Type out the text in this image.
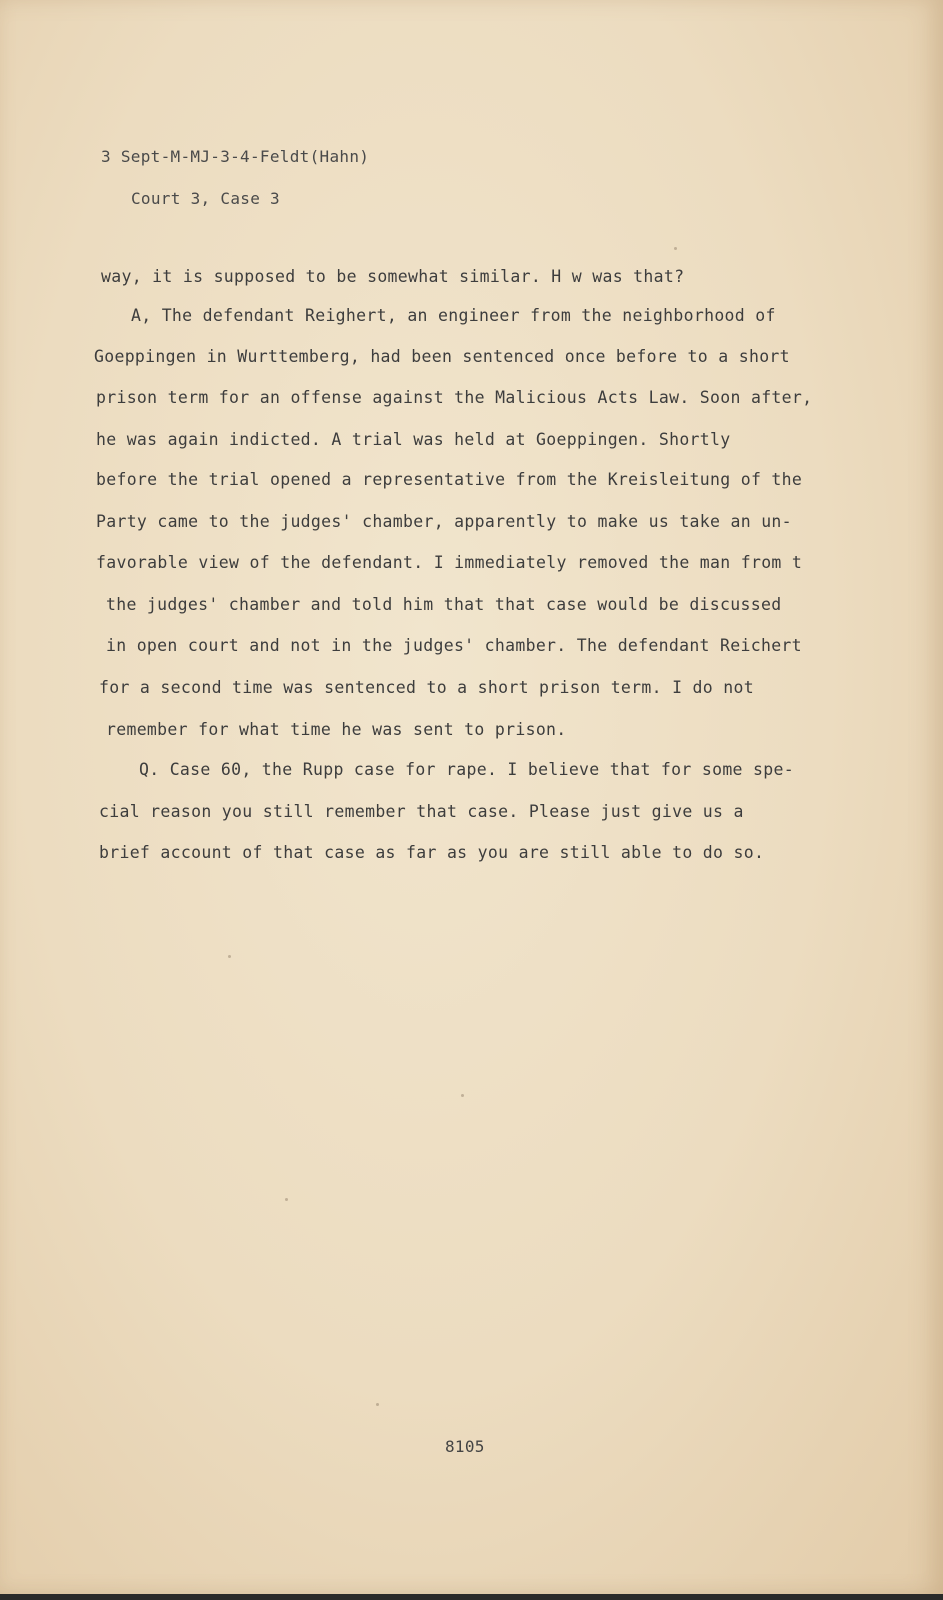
3 Sept-M-MJ-3-4-Feldt(Hahn)
Court 3, Case 3
way, it is supposed to be somewhat similar. H w was that?
A, The defendant Reighert, an engineer from the neighborhood of
Goeppingen in Wurttemberg, had been sentenced once before to a short
prison term for an offense against the Malicious Acts Law. Soon after,
he was again indicted. A trial was held at Goeppingen. Shortly
before the trial opened a representative from the Kreisleitung of the
Party came to the judges' chamber, apparently to make us take an un-
favorable view of the defendant. I immediately removed the man from t
the judges' chamber and told him that that case would be discussed
in open court and not in the judges' chamber. The defendant Reichert
for a second time was sentenced to a short prison term. I do not
remember for what time he was sent to prison.
Q. Case 60, the Rupp case for rape. I believe that for some spe-
cial reason you still remember that case. Please just give us a
brief account of that case as far as you are still able to do so.
8105
